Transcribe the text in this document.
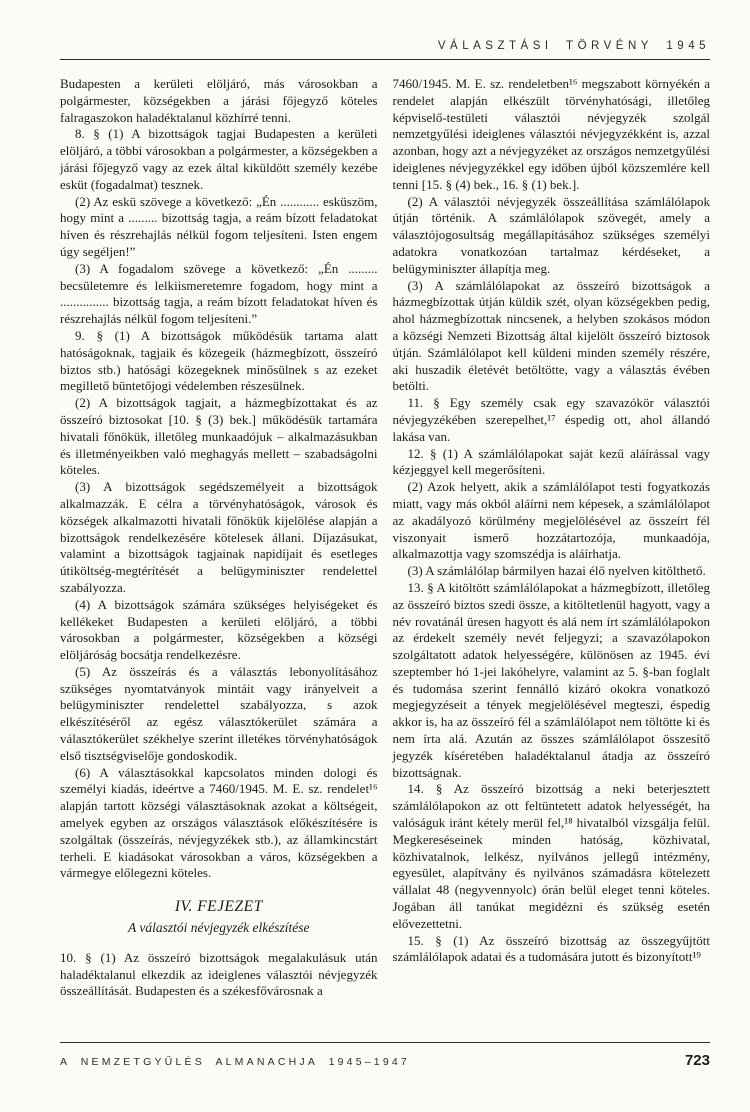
VÁLASZTÁSI TÖRVÉNY 1945

Budapesten a kerületi elöljáró, más városokban a polgármester, községekben a járási főjegyző köteles falragaszokon haladéktalanul közhírré tenni.

8. § (1) A bizottságok tagjai Budapesten a kerületi elöljáró, a többi városokban a polgármester, a községekben a járási főjegyző vagy az ezek által kiküldött személy kezébe esküt (fogadalmat) tesznek.

(2) Az eskü szövege a következő: „Én ............ esküszöm, hogy mint a ......... bizottság tagja, a reám bízott feladatokat híven és részrehajlás nélkül fogom teljesíteni. Isten engem úgy segéljen!”

(3) A fogadalom szövege a következő: „Én ......... becsületemre és lelkiismeretemre fogadom, hogy mint a ............... bizottság tagja, a reám bízott feladatokat híven és részrehajlás nélkül fogom teljesíteni.”

9. § (1) A bizottságok működésük tartama alatt hatóságoknak, tagjaik és közegeik (házmegbízott, összeíró biztos stb.) hatósági közegeknek minősülnek s az ezeket megillető büntetőjogi védelemben részesülnek.

(2) A bizottságok tagjait, a házmegbízottakat és az összeíró biztosokat [10. § (3) bek.] működésük tartamára hivatali főnökük, illetőleg munkaadójuk – alkalmazásukban és illetményeikben való meghagyás mellett – szabadságolni köteles.

(3) A bizottságok segédszemélyeit a bizottságok alkalmazzák. E célra a törvényhatóságok, városok és községek alkalmazotti hivatali főnökük kijelölése alapján a bizottságok rendelkezésére kötelesek állani. Díjazásukat, valamint a bizottságok tagjainak napidíjait és esetleges útiköltség-megtérítését a belügyminiszter rendelettel szabályozza.

(4) A bizottságok számára szükséges helyiségeket és kellékeket Budapesten a kerületi elöljáró, a többi városokban a polgármester, községekben a községi elöljáróság bocsátja rendelkezésre.

(5) Az összeírás és a választás lebonyolításához szükséges nyomtatványok mintáit vagy irányelveit a belügyminiszter rendelettel szabályozza, s azok elkészítéséről az egész választókerület számára a választókerület székhelye szerint illetékes törvényhatóságok első tisztségviselője gondoskodik.

(6) A választásokkal kapcsolatos minden dologi és személyi kiadás, ideértve a 7460/1945. M. E. sz. rendelet¹⁶ alapján tartott községi választásoknak azokat a költségeit, amelyek egyben az országos választások előkészítésére is szolgáltak (összeírás, névjegyzékek stb.), az államkincstárt terheli. E kiadásokat városokban a város, községekben a vármegye előlegezni köteles.

IV. FEJEZET
A választói névjegyzék elkészítése

10. § (1) Az összeíró bizottságok megalakulásuk után haladéktalanul elkezdik az ideiglenes választói névjegyzék összeállítását. Budapesten és a székesfővárosnak a

7460/1945. M. E. sz. rendeletben¹⁶ megszabott környékén a rendelet alapján elkészült törvényhatósági, illetőleg képviselő-testületi választói névjegyzék szolgál nemzetgyűlési ideiglenes választói névjegyzékként is, azzal azonban, hogy azt a névjegyzéket az országos nemzetgyűlési ideiglenes névjegyzékkel egy időben újból közszemlére kell tenni [15. § (4) bek., 16. § (1) bek.].

(2) A választói névjegyzék összeállítása számlálólapok útján történik. A számlálólapok szövegét, amely a választójogosultság megállapításához szükséges személyi adatokra vonatkozóan tartalmaz kérdéseket, a belügyminiszter állapítja meg.

(3) A számlálólapokat az összeíró bizottságok a házmegbízottak útján küldik szét, olyan községekben pedig, ahol házmegbízottak nincsenek, a helyben szokásos módon a községi Nemzeti Bizottság által kijelölt összeíró biztosok útján. Számlálólapot kell küldeni minden személy részére, aki huszadik életévét betöltötte, vagy a választás évében betölti.

11. § Egy személy csak egy szavazókör választói névjegyzékében szerepelhet,¹⁷ éspedig ott, ahol állandó lakása van.

12. § (1) A számlálólapokat saját kezű aláírással vagy kézjeggyel kell megerősíteni.

(2) Azok helyett, akik a számlálólapot testi fogyatkozás miatt, vagy más okból aláírni nem képesek, a számlálólapot az akadályozó körülmény megjelölésével az összeírt fél viszonyait ismerő hozzátartozója, munkaadója, alkalmazottja vagy szomszédja is aláírhatja.

(3) A számlálólap bármilyen hazai élő nyelven kitölthető.

13. § A kitöltött számlálólapokat a házmegbízott, illetőleg az összeíró biztos szedi össze, a kitöltetlenül hagyott, vagy a név rovatánál üresen hagyott és alá nem írt számlálólapokon az érdekelt személy nevét feljegyzi; a szavazólapokon szolgáltatott adatok helyességére, különösen az 1945. évi szeptember hó 1-jei lakóhelyre, valamint az 5. §-ban foglalt és tudomása szerint fennálló kizáró okokra vonatkozó megjegyzéseit a tények megjelölésével megteszi, éspedig akkor is, ha az összeíró fél a számlálólapot nem töltötte ki és nem írta alá. Azután az összes számlálólapot összesítő jegyzék kíséretében haladéktalanul átadja az összeíró bizottságnak.

14. § Az összeíró bizottság a neki beterjesztett számlálólapokon az ott feltüntetett adatok helyességét, ha valóságuk iránt kétely merül fel,¹⁸ hivatalból vizsgálja felül. Megkereséseinek minden hatóság, közhivatal, közhivatalnok, lelkész, nyilvános jellegű intézmény, egyesület, alapítvány és nyilvános számadásra kötelezett vállalat 48 (negyvennyolc) órán belül eleget tenni köteles. Jogában áll tanúkat megidézni és szükség esetén elővezettetni.

15. § (1) Az összeíró bizottság az összegyűjtött számlálólapok adatai és a tudomására jutott és bizonyított¹⁹

A NEMZETGYŰLÉS ALMANACHJA 1945–1947	723
